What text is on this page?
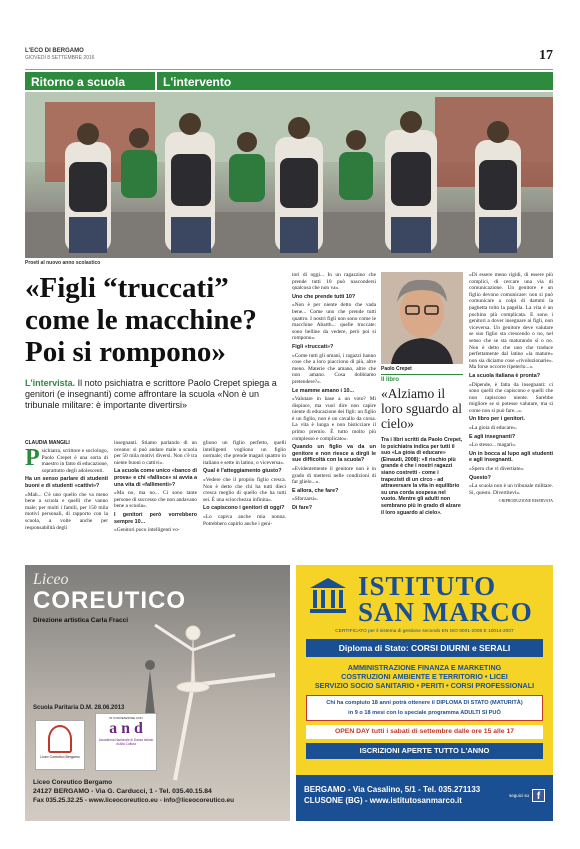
L'ECO DI BERGAMO
GIOVEDÌ 8 SETTEMBRE 2016	17
Ritorno a scuola	L'intervento
Proeti al nuovo anno scolastico
«Figli “truccati”
come le macchine?
Poi si rompono»
L'intervista. Il noto psichiatra e scrittore Paolo Crepet spiega a genitori (e insegnanti) come affrontare la scuola «Non è un tribunale militare: è importante divertirsi»
CLAUDIA MANGILI

Psichiatra, scrittore e sociologo, Paolo Crepet è una sorta di maestro in fatto di educazione, soprattutto degli adolescenti.

Ha un senso parlare di studenti buoni e di studenti «cattivi»?

«Mah... C'è uno quello che va meno bene a scuola e quelli che vanno male; per molti i famili, per 150 mila motivi personali, di rapporto con la scuola, a volte anche per responsabilità degli

insegnanti. Stiamo parlando di un oceano: si può andare male a scuola per 50 mila motivi diversi. Non c'è tra niente buoni o cattivi».

La scuola come unico «banco di prova» e chi «fallisce» si avvia a una vita di «fallimenti»?

«Ma no, ma no... Ci sono tante persone di successo che non andavano bene a scuola».

I genitori però vorrebbero sempre 10...

«Genitori poco intelligenti vo-

gliono un figlio perfetto, quelli intelligenti vogliono un figlio normale; che prende magari quattro in italiano e sette in latino, o viceversa».

Qual è l'atteggiamento giusto?

«Vedere che il proprio figlio cresca. Non è detto che chi ha tutti dieci cresca meglio di quello che ha tutti sei. È una sciocchezza infinita».

Lo capiscono i genitori di oggi?

«Lo capiva anche mia nonna. Potrebbero capirlo anche i geni-

tori di oggi... In un ragazzino che prende tutti 10 può nascondersi qualcosa che non va».

Uno che prende tutti 10?

«Non è per niente detto che vada bene... Come uno che prende tutti quattro. I nostri figli non sono come le macchine Abarth... quelle truccate: sono belline da vedere, però poi si rompono».

Figli «truccati»?

«Come tutti gli umani, i ragazzi hanno cose che a loro piacciono di più, altre meno. Materie che amano, altre che non amano. Cosa dobbiamo pretendere?».

Le mamme amano i 10...

«Valutare in base a un voto? Mi dispiace, ma vuol dire non capire niente di educazione dei figli: un figlio è un figlio, non è un cavallo da corsa. La vita è lunga e non bisticciare il primo premio. È tutto molto più complesso e complicato».

Quando un figlio va da un genitore e non riesce a dirgli le sue difficoltà con la scuola?

«Evidentemente il genitore non è in grado di mettersi nelle condizioni di far glielo...».

E allora, che fare?

«Sforzarsi».

Di fare?

Paolo Crepet
Il libro
«Alziamo il loro sguardo al cielo»
Tra i libri scritti da Paolo Crepet, lo psichiatra indica per tutti il suo «La gioia di educare» (Einaudi, 2008): «Il rischio più grande è che i nostri ragazzi siano costretti - come i trapezisti di un circo - ad attraversare la vita in equilibrio su una corda sospesa nel vuoto. Mentre gli adulti non sembrano più in grado di alzare il loro sguardo al cielo».

«Di essere meno rigidi, di essere più complici, di cercare una via di comunicazione. Un genitore e un figlio devono comunicare: non si può comunicare a colpi di dammi la paghetta tolto la pagella. La vita è un pochino più complicata. E sono i genitori a dover insegnare ai figli, non viceversa. Un genitore deve valutare se suo figlio sta crescendo o no, nel senso che se sta maturando sì o no. Non è detto che uno che traduce perfettamente dal latino «la mature» non sia diciamo cose «rivoluzionarie». Ma forse occorre ripeterlo...».

La scuola italiana è pronta?

«Dipende, è fatta da insegnanti: ci sono quelli che capiscono e quelli che non capiscono niente. Sarebbe migliore se si potesse valutare, ma sì come non si può fare...».

Un libro per i genitori.

«La gioia di educare».

E agli insegnanti?

«Lo stesso... magari».

Un in bocca al lupo agli studenti e agli insegnanti.

«Spero che vi divertiate».

Questo?

«La scuola non è un tribunale militare. Si, questo. Divertitevi».

©RIPRODUZIONE RISERVATA

Liceo
COREUTICO
Direzione artistica Carla Fracci
Scuola Paritaria D.M. 28.06.2013
Liceo Coreutico Bergamo
IN CONVENZIONE CON
a n d
Accademia Nazionale di Danza Istituto di Alta Cultura
Liceo Coreutico Bergamo
24127 BERGAMO - Via G. Carducci, 1 - Tel. 035.40.15.84
Fax 035.25.32.25 - www.liceocoreutico.eu - info@liceocoreutico.eu
ISTITUTO
SAN MARCO
CERTIFICATO per il sistema di gestione secondo EN ISO 9001-2008 E 10014-2007
Diploma di Stato: CORSI DIURNI e SERALI
AMMINISTRAZIONE FINANZA E MARKETING
COSTRUZIONI AMBIENTE E TERRITORIO • LICEI
SERVIZIO SOCIO SANITARIO • PERITI • CORSI PROFESSIONALI
Chi ha compiuto 18 anni potrà ottenere il DIPLOMA DI STATO (MATURITÀ)
in 9 o 18 mesi con lo speciale programma ADULTI SI PUÒ
OPEN DAY tutti i sabati di settembre dalle ore 15 alle 17
ISCRIZIONI APERTE TUTTO L'ANNO
BERGAMO - Via Casalino, 5/1 - Tel. 035.271133
CLUSONE (BG) - www.istitutosanmarco.it
seguici su f
